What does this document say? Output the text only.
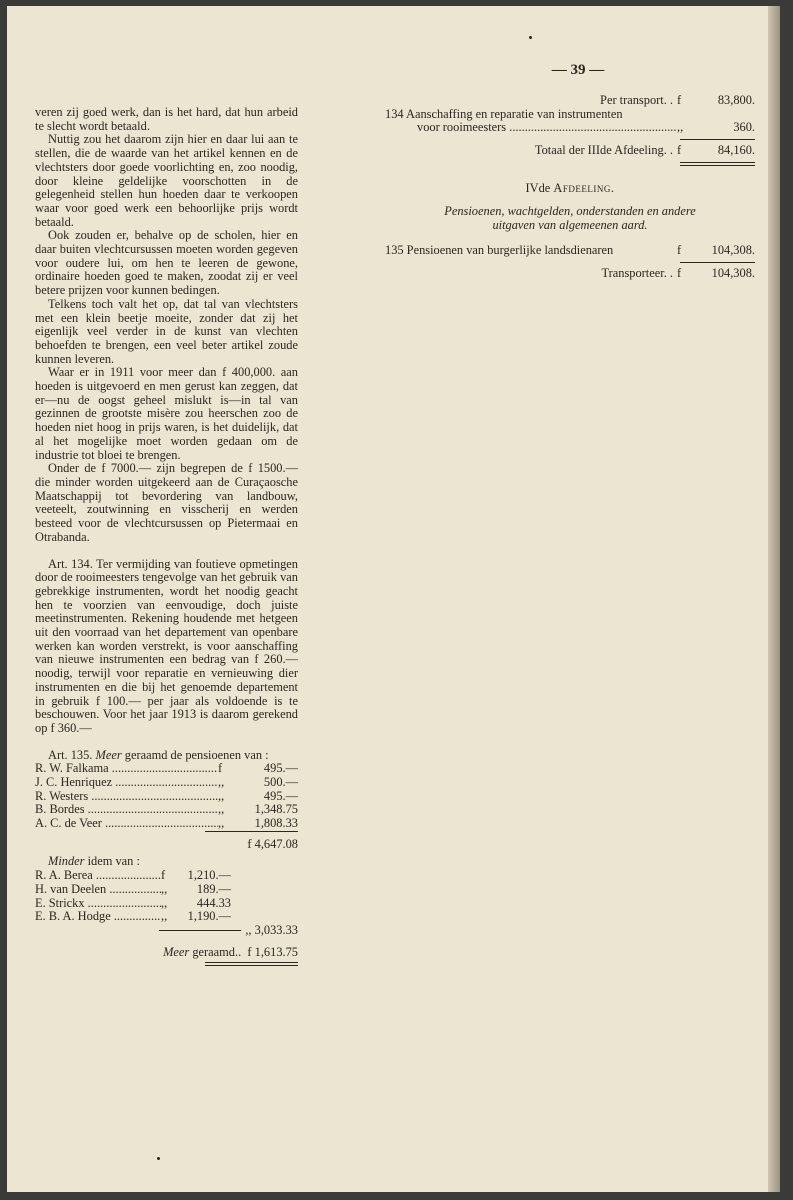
— 39 —
veren zij goed werk, dan is het hard, dat hun arbeid te slecht wordt betaald.
Nuttig zou het daarom zijn hier en daar lui aan te stellen, die de waarde van het artikel kennen en de vlechtsters door goede voorlichting en, zoo noodig, door kleine geldelijke voorschotten in de gelegenheid stellen hun hoeden daar te verkoopen waar voor goed werk een behoorlijke prijs wordt betaald.
Ook zouden er, behalve op de scholen, hier en daar buiten vlechtcursussen moeten worden gegeven voor oudere lui, om hen te leeren de gewone, ordinaire hoeden goed te maken, zoodat zij er veel betere prijzen voor kunnen bedingen.
Telkens toch valt het op, dat tal van vlechtsters met een klein beetje moeite, zonder dat zij het eigenlijk veel verder in de kunst van vlechten behoefden te brengen, een veel beter artikel zoude kunnen leveren.
Waar er in 1911 voor meer dan f 400,000. aan hoeden is uitgevoerd en men gerust kan zeggen, dat er—nu de oogst geheel mislukt is—in tal van gezinnen de grootste misère zou heerschen zoo de hoeden niet hoog in prijs waren, is het duidelijk, dat al het mogelijke moet worden gedaan om de industrie tot bloei te brengen.
Onder de f 7000.— zijn begrepen de f 1500.— die minder worden uitgekeerd aan de Curaçaosche Maatschappij tot bevordering van landbouw, veeteelt, zoutwinning en visscherij en werden besteed voor de vlechtcursussen op Pietermaai en Otrabanda.
Art. 134. Ter vermijding van foutieve opmetingen door de rooimeesters tengevolge van het gebruik van gebrekkige instrumenten, wordt het noodig geacht hen te voorzien van eenvoudige, doch juiste meetinstrumenten. Rekening houdende met hetgeen uit den voorraad van het departement van openbare werken kan worden verstrekt, is voor aanschaffing van nieuwe instrumenten een bedrag van f 260.— noodig, terwijl voor reparatie en vernieuwing dier instrumenten en die bij het genoemde departement in gebruik f 100.— per jaar als voldoende is te beschouwen. Voor het jaar 1913 is daarom gerekend op f 360.—
Art. 135. Meer geraamd de pensioenen van :
R. W. Falkama .....	f	495.—
J. C. Henriquez .....	,,	500.—
R. Westers .....	,,	495.—
B. Bordes .....	,,	1,348.75
A. C. de Veer .....	,,	1,808.33
f 4,647.08
Minder idem van :
R. A. Berea .....	f	1,210.—
H. van Deelen .....	,,	189.—
E. Strickx .....	,,	444.33
E. B. A. Hodge .....	,,	1,190.—
,, 3,033.33
Meer geraamd.. f 1,613.75
Per transport. . f	83,800.
134 Aanschaffing en reparatie van instrumenten
voor rooimeesters .....	,,	360.
Totaal der IIIde Afdeeling. . f	84,160.
IVde Afdeeling.
Pensioenen, wachtgelden, onderstanden en andere
uitgaven van algemeenen aard.
135 Pensioenen van burgerlijke landsdienaren	f	104,308.
Transporteer. . f	104,308.
